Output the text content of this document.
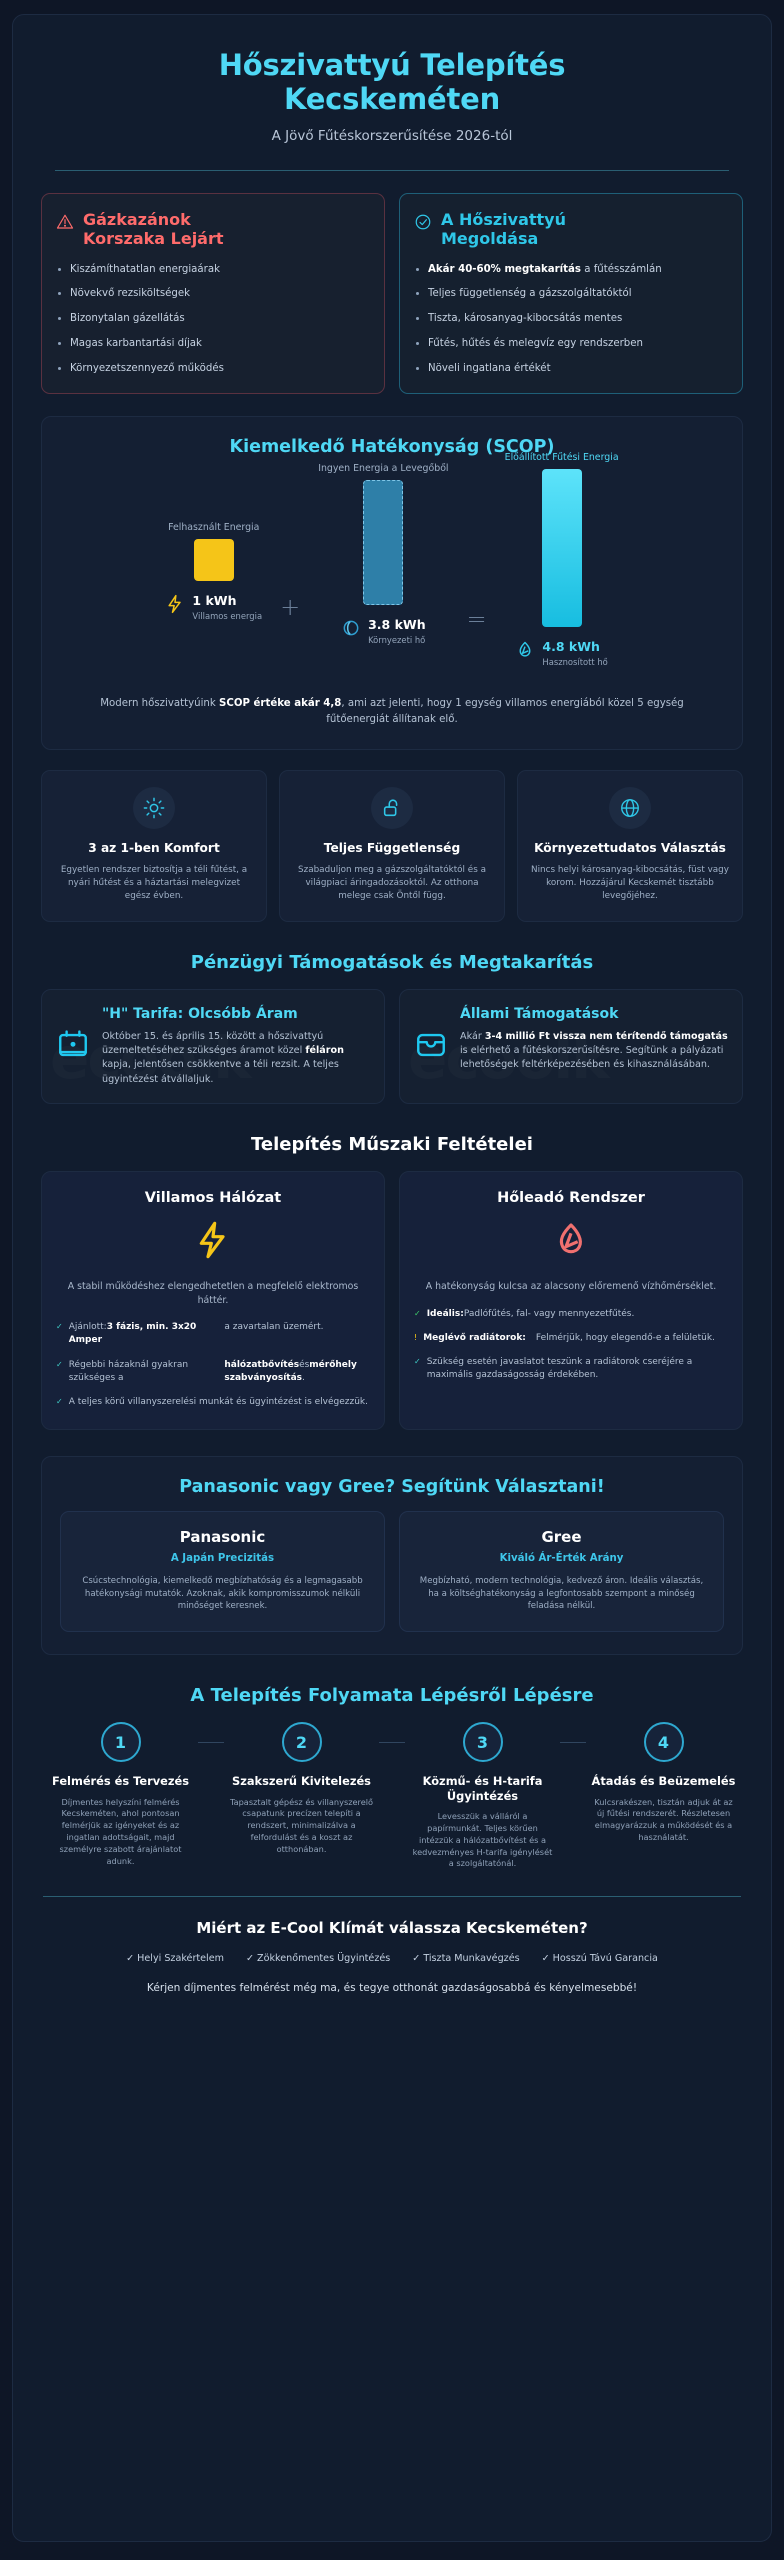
Hőszivattyú Telepítés
Kecskeméten
A Jövő Fűtéskorszerűsítése 2026-tól
Gázkazánok
Korszaka Lejárt
Kiszámíthatatlan energiaárak
Növekvő rezsiköltségek
Bizonytalan gázellátás
Magas karbantartási díjak
Környezetszennyező működés
A Hőszivattyú
Megoldása
Akár 40-60% megtakarítás a fűtésszámlán
Teljes függetlenség a gázszolgáltatóktól
Tiszta, károsanyag-kibocsátás mentes
Fűtés, hűtés és melegvíz egy rendszerben
Növeli ingatlana értékét
Kiemelkedő Hatékonyság (SCOP)
Felhasznált Energia
1 kWh
Villamos energia +
Ingyen Energia a Levegőből
3.8 kWh
Környezeti hő
=
Előállított Fűtési Energia
4.8 kWh
Hasznosított hő
Modern hőszivattyúink SCOP értéke akár 4,8, ami azt jelenti, hogy 1 egység villamos energiából közel 5 egység fűtőenergiát állítanak elő.
3 az 1-ben Komfort
Egyetlen rendszer biztosítja a téli fűtést, a nyári hűtést és a háztartási melegvizet egész évben.
Teljes Függetlenség
Szabaduljon meg a gázszolgáltatóktól és a világpiaci áringadozásoktól. Az otthona melege csak Öntől függ.
Környezettudatos Választás
Nincs helyi károsanyag-kibocsátás, füst vagy korom. Hozzájárul Kecskemét tisztább levegőjéhez.
Pénzügyi Támogatások és Megtakarítás
"H" Tarifa: Olcsóbb Áram
Október 15. és április 15. között a hőszivattyú üzemeltetéséhez szükséges áramot közel féláron kapja, jelentősen csökkentve a téli rezsit. A teljes ügyintézést átvállaljuk.
Állami Támogatások
Akár 3-4 millió Ft vissza nem térítendő támogatás is elérhető a fűtéskorszerűsítésre. Segítünk a pályázati lehetőségek feltérképezésében és kihasználásában.
Telepítés Műszaki Feltételei
Villamos Hálózat
A stabil működéshez elengedhetetlen a megfelelő elektromos háttér.
✓ Ajánlott:3 fázis, min. 3x20 Amper
a zavartalan üzemért.
✓ Régebbi házaknál gyakran szükséges a
hálózatbővítésésmérőhely szabványosítás.
✓ A teljes körű villanyszerelési munkát és ügyintézést is elvégezzük.
Hőleadó Rendszer
A hatékonyság kulcsa az alacsony előremenő vízhőmérséklet.
✓ Ideális:Padlófűtés, fal- vagy mennyezetfűtés.
! Meglévő radiátorok: Felmérjük, hogy elegendő-e a felületük.
✓ Szükség esetén javaslatot teszünk a radiátorok cseréjére a maximális gazdaságosság érdekében.
Panasonic vagy Gree? Segítünk Választani!
Panasonic
A Japán Precizitás
Csúcstechnológia, kiemelkedő megbízhatóság és a legmagasabb hatékonysági mutatók. Azoknak, akik kompromisszumok nélküli minőséget keresnek.
Gree
Kiváló Ár-Érték Arány
Megbízható, modern technológia, kedvező áron. Ideális választás, ha a költséghatékonyság a legfontosabb szempont a minőség feladása nélkül.
A Telepítés Folyamata Lépésről Lépésre
1
Felmérés és Tervezés
Díjmentes helyszíni felmérés Kecskeméten, ahol pontosan felmérjük az igényeket és az ingatlan adottságait, majd személyre szabott árajánlatot adunk.
2
Szakszerű Kivitelezés
Tapasztalt gépész és villanyszerelő csapatunk precízen telepíti a rendszert, minimalizálva a felfordulást és a koszt az otthonában.
3
Közmű- és H-tarifa Ügyintézés
Levesszük a válláról a papírmunkát. Teljes körűen intézzük a hálózatbővítést és a kedvezményes H-tarifa igénylését a szolgáltatónál.
4
Átadás és Beüzemelés
Kulcsrakészen, tisztán adjuk át az új fűtési rendszerét. Részletesen elmagyarázzuk a működését és a használatát.
Miért az E-Cool Klímát válassza Kecskeméten?
✓ Helyi Szakértelem ✓ Zökkenőmentes Ügyintézés ✓ Tiszta Munkavégzés ✓ Hosszú Távú Garancia
Kérjen díjmentes felmérést még ma, és tegye otthonát gazdaságosabbá és kényelmesebbé!
